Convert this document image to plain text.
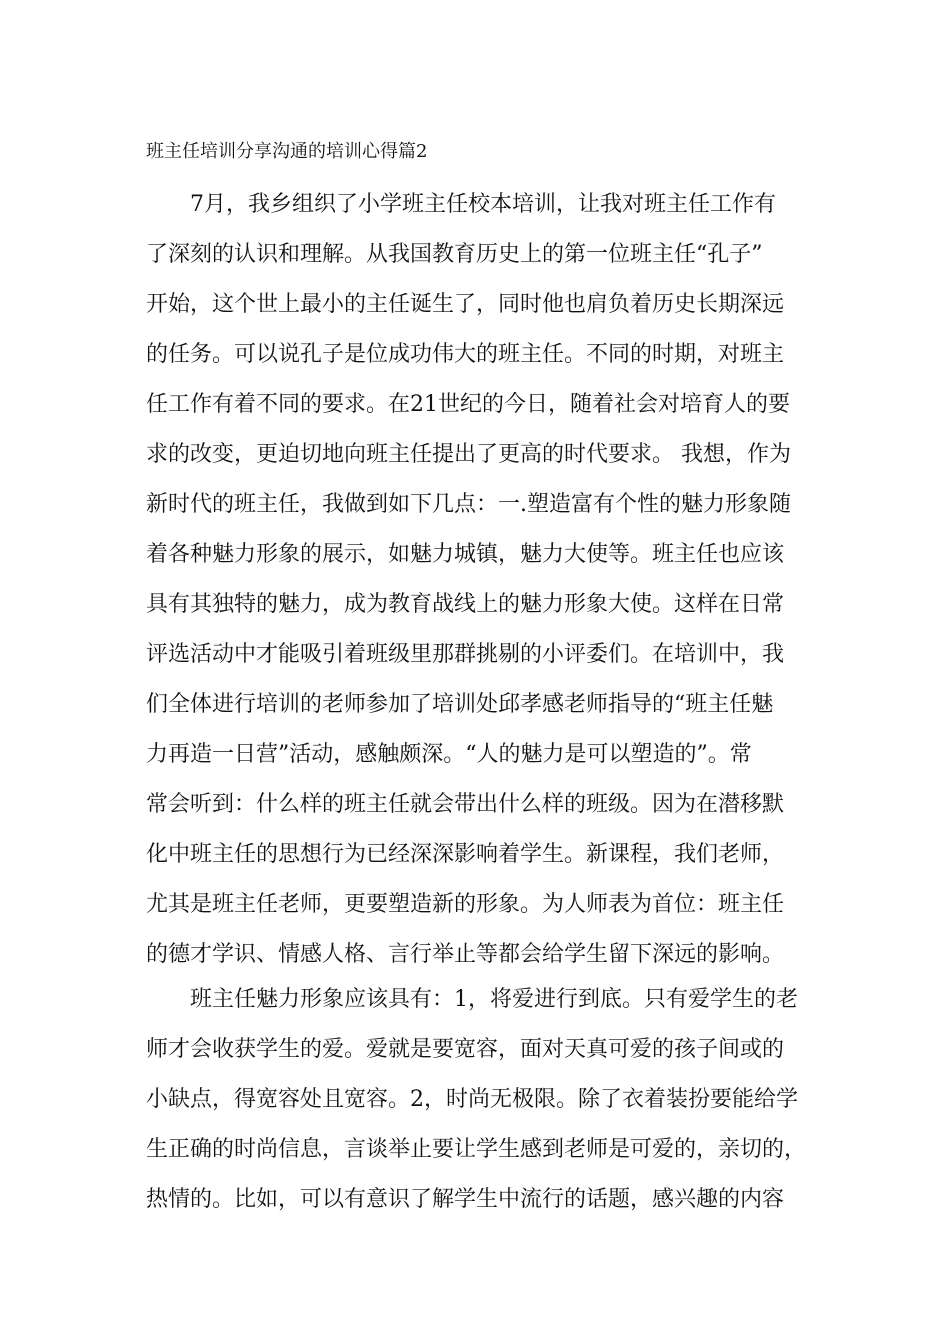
班主任培训分享沟通的培训心得篇2
7月，我乡组织了小学班主任校本培训，让我对班主任工作有
了深刻的认识和理解。从我国教育历史上的第一位班主任“孔子”
开始，这个世上最小的主任诞生了，同时他也肩负着历史长期深远
的任务。可以说孔子是位成功伟大的班主任。不同的时期，对班主
任工作有着不同的要求。在21世纪的今日，随着社会对培育人的要
求的改变，更迫切地向班主任提出了更高的时代要求。 我想，作为
新时代的班主任，我做到如下几点：一.塑造富有个性的魅力形象随
着各种魅力形象的展示，如魅力城镇，魅力大使等。班主任也应该
具有其独特的魅力，成为教育战线上的魅力形象大使。这样在日常
评选活动中才能吸引着班级里那群挑剔的小评委们。在培训中，我
们全体进行培训的老师参加了培训处邱孝感老师指导的“班主任魅
力再造一日营”活动，感触颇深。“人的魅力是可以塑造的”。常
常会听到：什么样的班主任就会带出什么样的班级。因为在潜移默
化中班主任的思想行为已经深深影响着学生。新课程，我们老师，
尤其是班主任老师，更要塑造新的形象。为人师表为首位：班主任
的德才学识、情感人格、言行举止等都会给学生留下深远的影响。
班主任魅力形象应该具有：1，将爱进行到底。只有爱学生的老
师才会收获学生的爱。爱就是要宽容，面对天真可爱的孩子间或的
小缺点，得宽容处且宽容。2，时尚无极限。除了衣着装扮要能给学
生正确的时尚信息，言谈举止要让学生感到老师是可爱的，亲切的，
热情的。比如，可以有意识了解学生中流行的话题，感兴趣的内容
